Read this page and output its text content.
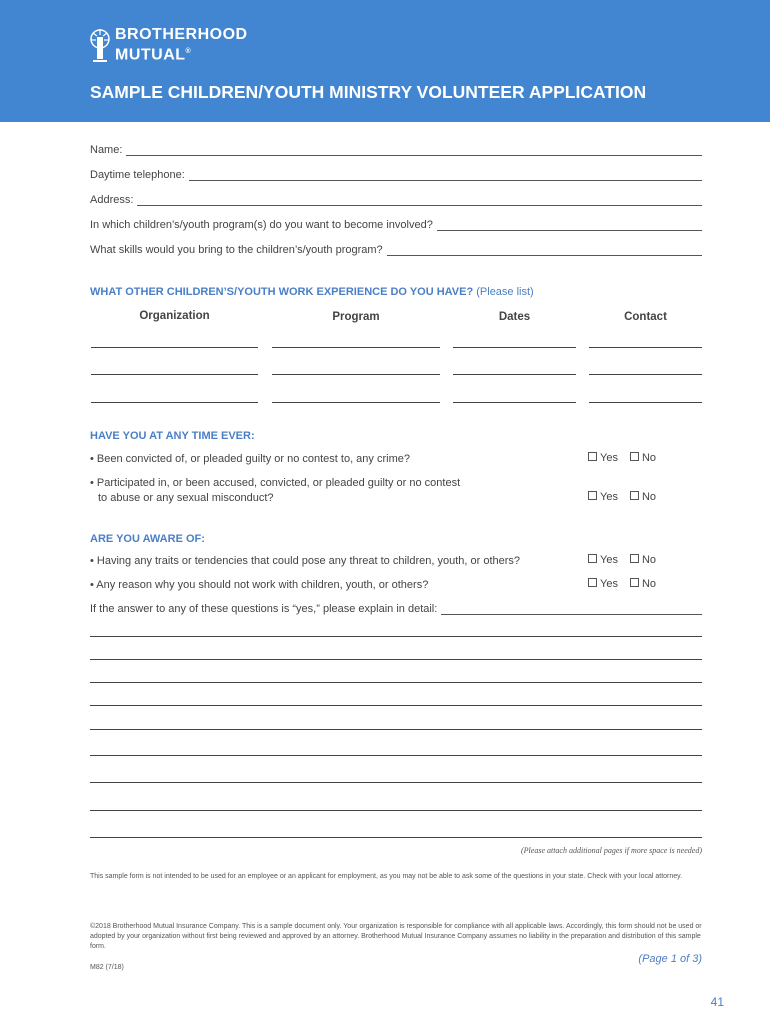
BROTHERHOOD
MUTUAL®
SAMPLE CHILDREN/YOUTH MINISTRY VOLUNTEER APPLICATION
Name:
Daytime telephone:
Address:
In which children’s/youth program(s) do you want to become involved?
What skills would you bring to the children’s/youth program?
WHAT OTHER CHILDREN’S/YOUTH WORK EXPERIENCE DO YOU HAVE? (Please list)
Organization	Program	Dates	Contact
HAVE YOU AT ANY TIME EVER:
• Been convicted of, or pleaded guilty or no contest to, any crime?	Yes No
• Participated in, or been accused, convicted, or pleaded guilty or no contest
to abuse or any sexual misconduct?	Yes No
ARE YOU AWARE OF:
• Having any traits or tendencies that could pose any threat to children, youth, or others?	Yes No
• Any reason why you should not work with children, youth, or others?	Yes No
If the answer to any of these questions is “yes,” please explain in detail:
(Please attach additional pages if more space is needed)
This sample form is not intended to be used for an employee or an applicant for employment, as you may not be able to ask some of the questions in your state. Check with your local attorney.
©2018 Brotherhood Mutual Insurance Company. This is a sample document only. Your organization is responsible for compliance with all applicable laws. Accordingly, this form should not be used or adopted by your organization without first being reviewed and approved by an attorney. Brotherhood Mutual Insurance Company assumes no liability in the preparation and distribution of this sample form.
M82 (7/18)
(Page 1 of 3)
41
